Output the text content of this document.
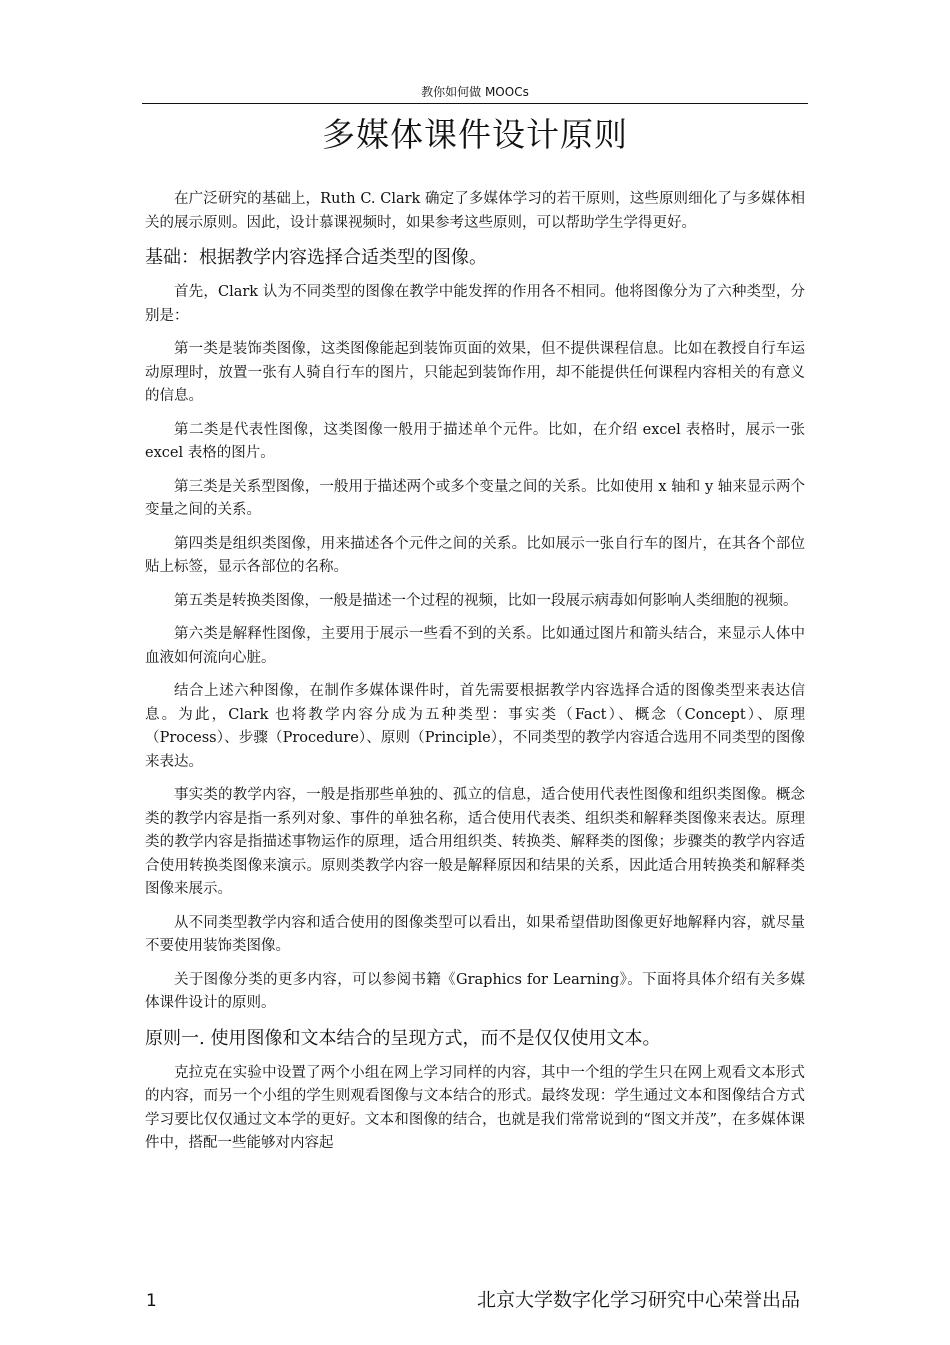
教你如何做 MOOCs
多媒体课件设计原则

在广泛研究的基础上，Ruth C. Clark 确定了多媒体学习的若干原则，这些原则细化了与多媒体相关的展示原则。因此，设计慕课视频时，如果参考这些原则，可以帮助学生学得更好。

基础：根据教学内容选择合适类型的图像。

首先，Clark 认为不同类型的图像在教学中能发挥的作用各不相同。他将图像分为了六种类型，分别是：

第一类是装饰类图像，这类图像能起到装饰页面的效果，但不提供课程信息。比如在教授自行车运动原理时，放置一张有人骑自行车的图片，只能起到装饰作用，却不能提供任何课程内容相关的有意义的信息。

第二类是代表性图像，这类图像一般用于描述单个元件。比如，在介绍 excel 表格时，展示一张 excel 表格的图片。

第三类是关系型图像，一般用于描述两个或多个变量之间的关系。比如使用 x 轴和 y 轴来显示两个变量之间的关系。

第四类是组织类图像，用来描述各个元件之间的关系。比如展示一张自行车的图片，在其各个部位贴上标签，显示各部位的名称。

第五类是转换类图像，一般是描述一个过程的视频，比如一段展示病毒如何影响人类细胞的视频。

第六类是解释性图像，主要用于展示一些看不到的关系。比如通过图片和箭头结合，来显示人体中血液如何流向心脏。

结合上述六种图像，在制作多媒体课件时，首先需要根据教学内容选择合适的图像类型来表达信息。为此，Clark 也将教学内容分成为五种类型：事实类（Fact）、概念（Concept）、原理（Process）、步骤（Procedure）、原则（Principle），不同类型的教学内容适合选用不同类型的图像来表达。

事实类的教学内容，一般是指那些单独的、孤立的信息，适合使用代表性图像和组织类图像。概念类的教学内容是指一系列对象、事件的单独名称，适合使用代表类、组织类和解释类图像来表达。原理类的教学内容是指描述事物运作的原理，适合用组织类、转换类、解释类的图像；步骤类的教学内容适合使用转换类图像来演示。原则类教学内容一般是解释原因和结果的关系，因此适合用转换类和解释类图像来展示。

从不同类型教学内容和适合使用的图像类型可以看出，如果希望借助图像更好地解释内容，就尽量不要使用装饰类图像。

关于图像分类的更多内容，可以参阅书籍《Graphics for Learning》。下面将具体介绍有关多媒体课件设计的原则。

原则一. 使用图像和文本结合的呈现方式，而不是仅仅使用文本。

克拉克在实验中设置了两个小组在网上学习同样的内容，其中一个组的学生只在网上观看文本形式的内容，而另一个小组的学生则观看图像与文本结合的形式。最终发现：学生通过文本和图像结合方式学习要比仅仅通过文本学的更好。文本和图像的结合，也就是我们常常说到的“图文并茂”，在多媒体课件中，搭配一些能够对内容起

1	北京大学数字化学习研究中心荣誉出品
